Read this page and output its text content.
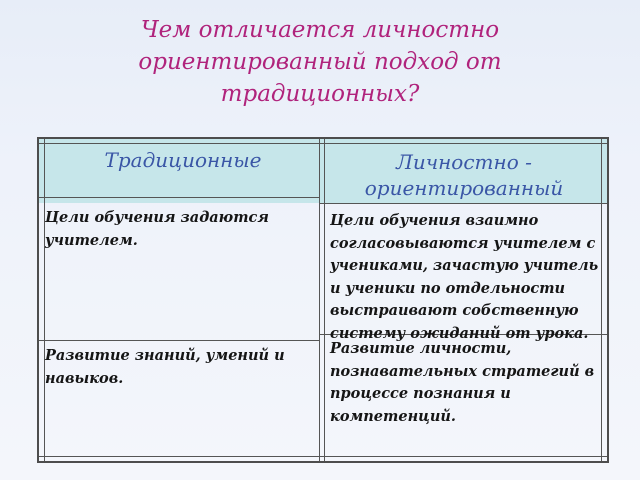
Чем отличается личностно ориентированный подход от традиционных?
Традиционные	Личностно - ориентированный
Цели обучения задаются учителем.
Цели обучения взаимно согласовываются учителем с учениками, зачастую учитель и ученики по отдельности выстраивают собственную систему ожиданий от урока.
Развитие знаний, умений и навыков.
Развитие личности, познавательных стратегий в процессе познания и компетенций.
